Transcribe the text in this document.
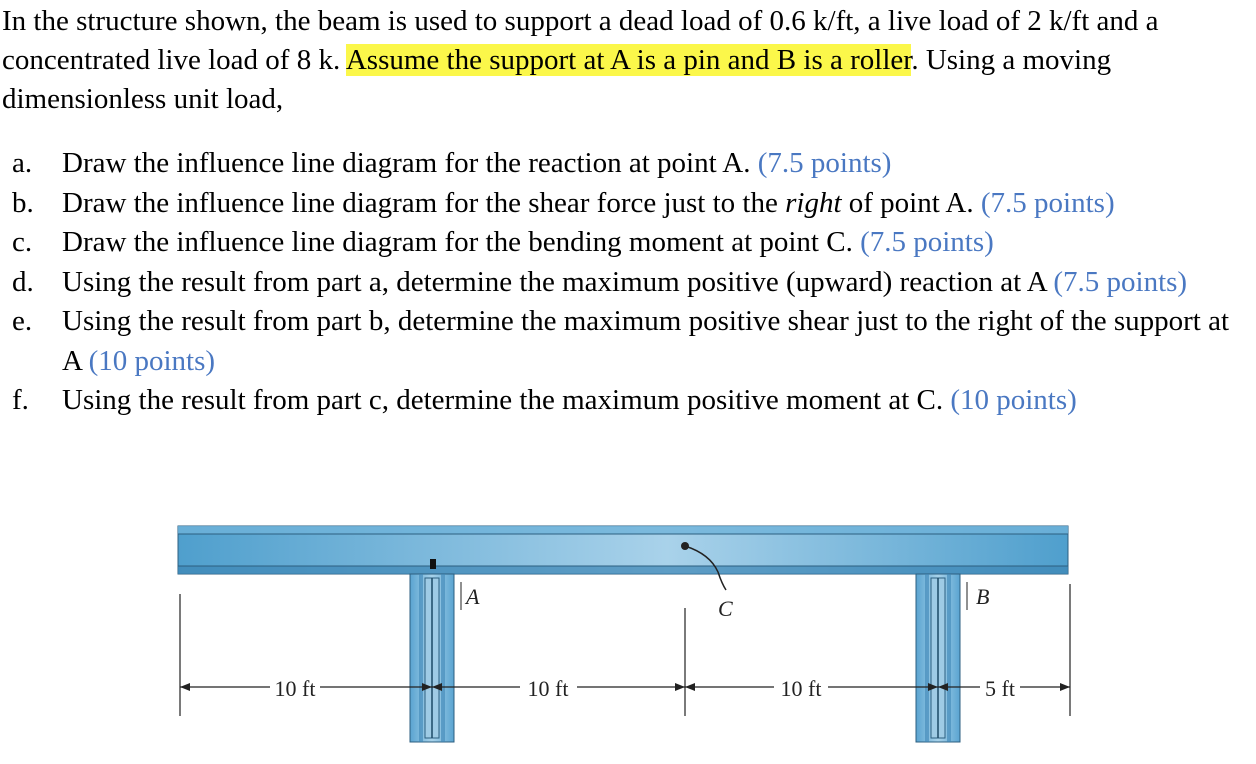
In the structure shown, the beam is used to support a dead load of 0.6 k/ft, a live load of 2 k/ft and a concentrated live load of 8 k. Assume the support at A is a pin and B is a roller. Using a moving dimensionless unit load,

a.	Draw the influence line diagram for the reaction at point A. (7.5 points)
b. Draw the influence line diagram for the shear force just to the right of point A. (7.5 points)
c.	Draw the influence line diagram for the bending moment at point C. (7.5 points)
d. Using the result from part a, determine the maximum positive (upward) reaction at A (7.5 points)
e.	Using the result from part b, determine the maximum positive shear just to the right of the support at A (10 points)
f.	Using the result from part c, determine the maximum positive moment at C. (10 points)
A	C	B
10 ft	10 ft	10 ft	5 ft
